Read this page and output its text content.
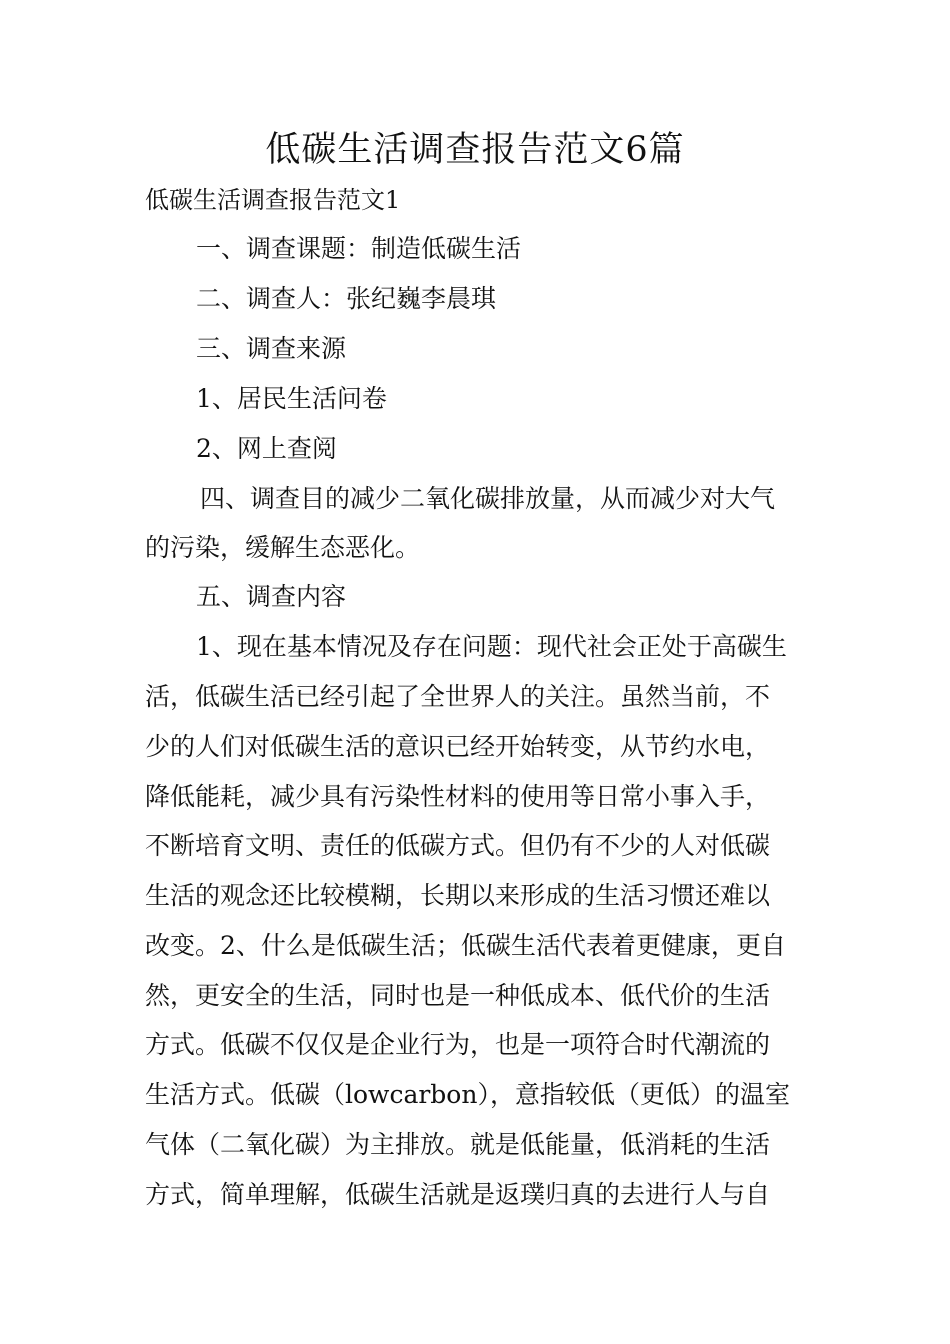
低碳生活调查报告范文6篇
低碳生活调查报告范文1
一、调查课题：制造低碳生活
二、调查人：张纪巍李晨琪
三、调查来源
1、居民生活问卷
2、网上查阅
四、调查目的减少二氧化碳排放量，从而减少对大气
的污染，缓解生态恶化。
五、调查内容
1、现在基本情况及存在问题：现代社会正处于高碳生
活，低碳生活已经引起了全世界人的关注。虽然当前，不
少的人们对低碳生活的意识已经开始转变，从节约水电，
降低能耗，减少具有污染性材料的使用等日常小事入手，
不断培育文明、责任的低碳方式。但仍有不少的人对低碳
生活的观念还比较模糊，长期以来形成的生活习惯还难以
改变。2、什么是低碳生活；低碳生活代表着更健康，更自
然，更安全的生活，同时也是一种低成本、低代价的生活
方式。低碳不仅仅是企业行为，也是一项符合时代潮流的
生活方式。低碳（lowcarbon），意指较低（更低）的温室
气体（二氧化碳）为主排放。就是低能量，低消耗的生活
方式，简单理解，低碳生活就是返璞归真的去进行人与自
